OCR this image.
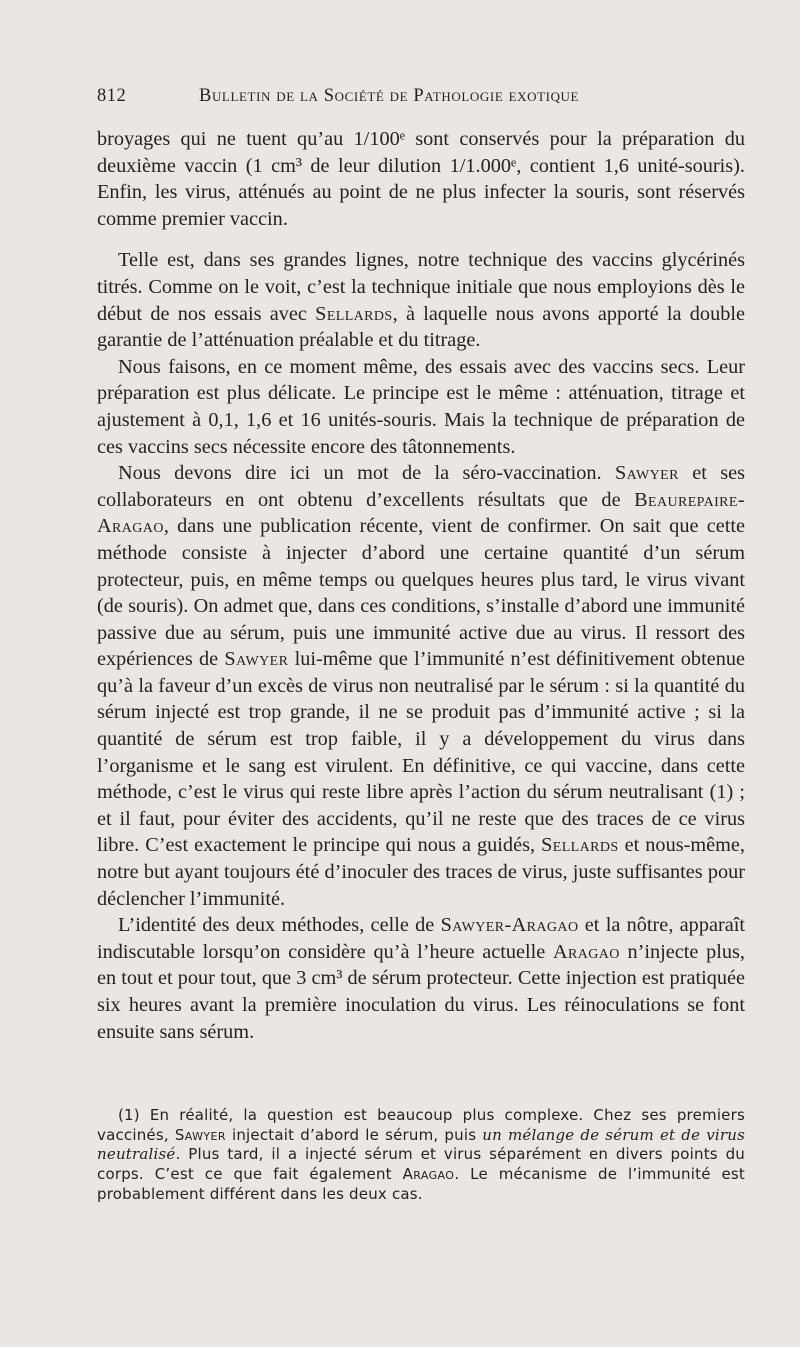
812	Bulletin de la Société de Pathologie exotique

broyages qui ne tuent qu’au 1/100ᵉ sont conservés pour la préparation du deuxième vaccin (1 cm³ de leur dilution 1/1.000ᵉ, contient 1,6 unité-souris). Enfin, les virus, atténués au point de ne plus infecter la souris, sont réservés comme premier vaccin.

Telle est, dans ses grandes lignes, notre technique des vaccins glycérinés titrés. Comme on le voit, c’est la technique initiale que nous employions dès le début de nos essais avec Sellards, à laquelle nous avons apporté la double garantie de l’atténuation préalable et du titrage.

Nous faisons, en ce moment même, des essais avec des vaccins secs. Leur préparation est plus délicate. Le principe est le même : atténuation, titrage et ajustement à 0,1, 1,6 et 16 unités-souris. Mais la technique de préparation de ces vaccins secs nécessite encore des tâtonnements.

Nous devons dire ici un mot de la séro-vaccination. Sawyer et ses collaborateurs en ont obtenu d’excellents résultats que de Beaurepaire-Aragao, dans une publication récente, vient de confirmer. On sait que cette méthode consiste à injecter d’abord une certaine quantité d’un sérum protecteur, puis, en même temps ou quelques heures plus tard, le virus vivant (de souris). On admet que, dans ces conditions, s’installe d’abord une immunité passive due au sérum, puis une immunité active due au virus. Il ressort des expériences de Sawyer lui-même que l’immunité n’est définitivement obtenue qu’à la faveur d’un excès de virus non neutralisé par le sérum : si la quantité du sérum injecté est trop grande, il ne se produit pas d’immunité active ; si la quantité de sérum est trop faible, il y a développement du virus dans l’organisme et le sang est virulent. En définitive, ce qui vaccine, dans cette méthode, c’est le virus qui reste libre après l’action du sérum neutralisant (1) ; et il faut, pour éviter des accidents, qu’il ne reste que des traces de ce virus libre. C’est exactement le principe qui nous a guidés, Sellards et nous-même, notre but ayant toujours été d’inoculer des traces de virus, juste suffisantes pour déclencher l’immunité.

L’identité des deux méthodes, celle de Sawyer-Aragao et la nôtre, apparaît indiscutable lorsqu’on considère qu’à l’heure actuelle Aragao n’injecte plus, en tout et pour tout, que 3 cm³ de sérum protecteur. Cette injection est pratiquée six heures avant la première inoculation du virus. Les réinoculations se font ensuite sans sérum.

(1) En réalité, la question est beaucoup plus complexe. Chez ses premiers vaccinés, Sawyer injectait d’abord le sérum, puis un mélange de sérum et de virus neutralisé. Plus tard, il a injecté sérum et virus séparément en divers points du corps. C’est ce que fait également Aragao. Le mécanisme de l’immunité est probablement différent dans les deux cas.
